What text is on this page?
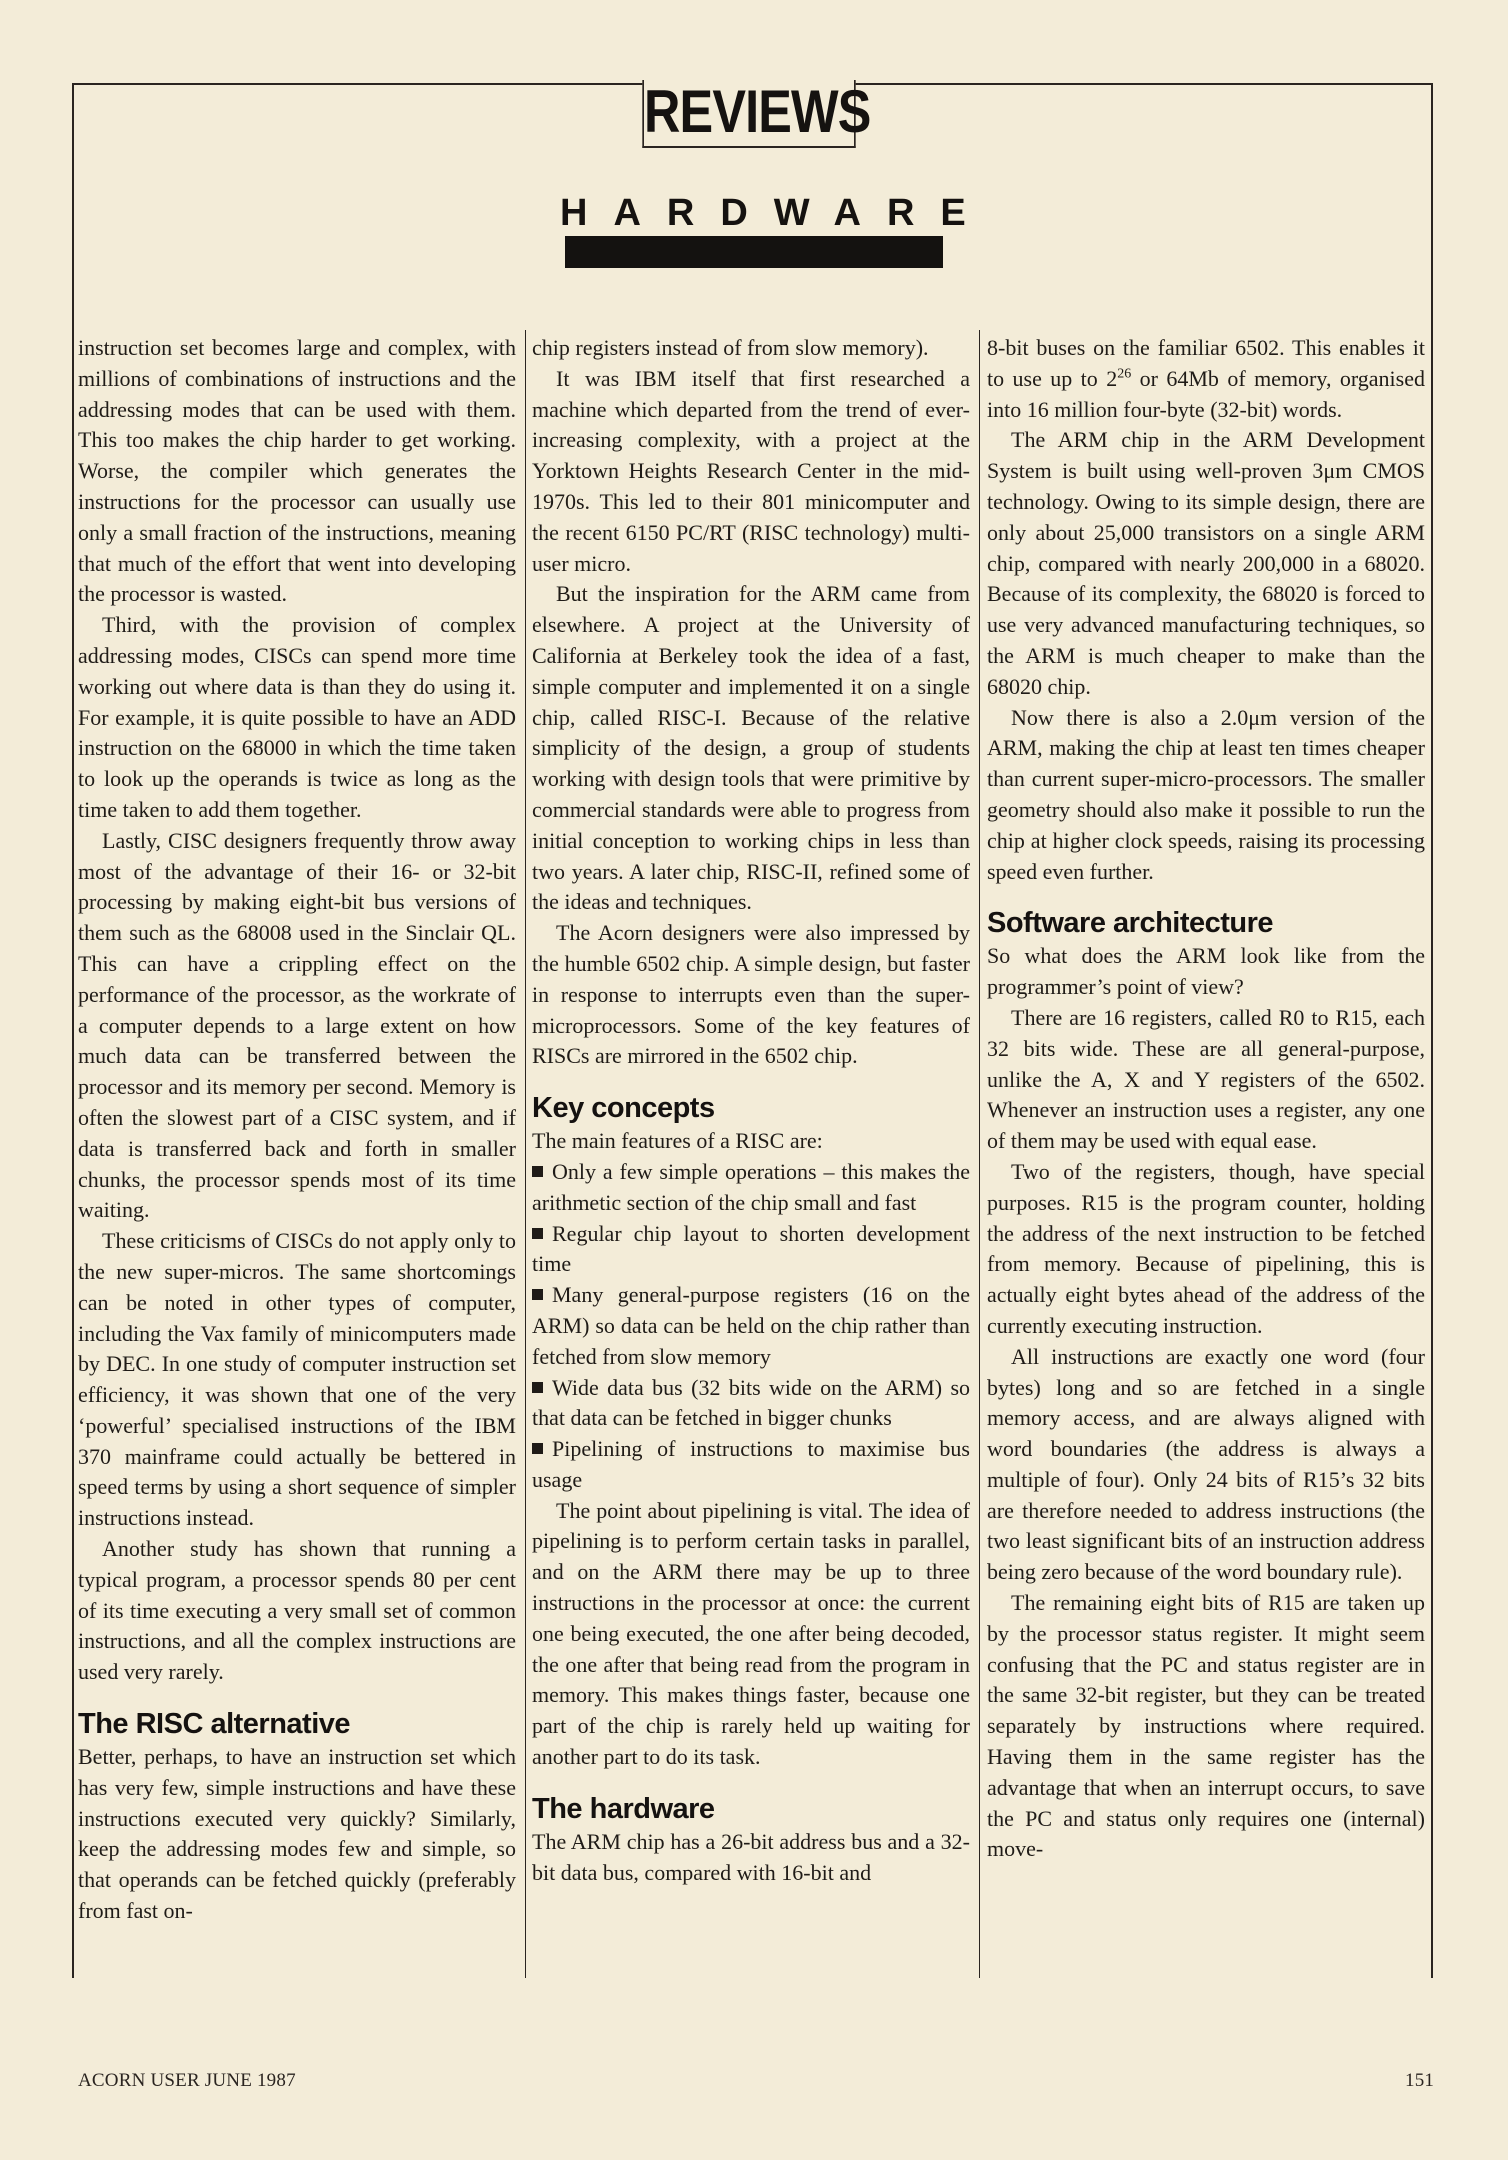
REVIEWS
HARDWARE

instruction set becomes large and complex, with millions of combinations of instructions and the addressing modes that can be used with them. This too makes the chip harder to get working. Worse, the compiler which generates the instructions for the processor can usually use only a small fraction of the instructions, meaning that much of the effort that went into developing the processor is wasted.

Third, with the provision of complex addressing modes, CISCs can spend more time working out where data is than they do using it. For example, it is quite possible to have an ADD instruction on the 68000 in which the time taken to look up the operands is twice as long as the time taken to add them together.

Lastly, CISC designers frequently throw away most of the advantage of their 16- or 32-bit processing by making eight-bit bus versions of them such as the 68008 used in the Sinclair QL. This can have a crippling effect on the performance of the processor, as the workrate of a computer depends to a large extent on how much data can be transferred between the processor and its memory per second. Memory is often the slowest part of a CISC system, and if data is transferred back and forth in smaller chunks, the processor spends most of its time waiting.

These criticisms of CISCs do not apply only to the new super-micros. The same shortcomings can be noted in other types of computer, including the Vax family of minicomputers made by DEC. In one study of computer instruction set efficiency, it was shown that one of the very ‘powerful’ specialised instructions of the IBM 370 mainframe could actually be bettered in speed terms by using a short sequence of simpler instructions instead.

Another study has shown that running a typical program, a processor spends 80 per cent of its time executing a very small set of common instructions, and all the complex instructions are used very rarely.

The RISC alternative

Better, perhaps, to have an instruction set which has very few, simple instructions and have these instructions executed very quickly? Similarly, keep the addressing modes few and simple, so that operands can be fetched quickly (preferably from fast on-

chip registers instead of from slow memory).

It was IBM itself that first researched a machine which departed from the trend of ever-increasing complexity, with a project at the Yorktown Heights Research Center in the mid-1970s. This led to their 801 minicomputer and the recent 6150 PC/RT (RISC technology) multi-user micro.

But the inspiration for the ARM came from elsewhere. A project at the University of California at Berkeley took the idea of a fast, simple computer and implemented it on a single chip, called RISC-I. Because of the relative simplicity of the design, a group of students working with design tools that were primitive by commercial standards were able to progress from initial conception to working chips in less than two years. A later chip, RISC-II, refined some of the ideas and techniques.

The Acorn designers were also impressed by the humble 6502 chip. A simple design, but faster in response to interrupts even than the super-microprocessors. Some of the key features of RISCs are mirrored in the 6502 chip.

Key concepts

The main features of a RISC are:

Only a few simple operations – this makes the arithmetic section of the chip small and fast

Regular chip layout to shorten development time

Many general-purpose registers (16 on the ARM) so data can be held on the chip rather than fetched from slow memory

Wide data bus (32 bits wide on the ARM) so that data can be fetched in bigger chunks

Pipelining of instructions to maximise bus usage

The point about pipelining is vital. The idea of pipelining is to perform certain tasks in parallel, and on the ARM there may be up to three instructions in the processor at once: the current one being executed, the one after being decoded, the one after that being read from the program in memory. This makes things faster, because one part of the chip is rarely held up waiting for another part to do its task.

The hardware

The ARM chip has a 26-bit address bus and a 32-bit data bus, compared with 16-bit and

8-bit buses on the familiar 6502. This enables it to use up to $2^{26}$ or 64Mb of memory, organised into 16 million four-byte (32-bit) words.

The ARM chip in the ARM Development System is built using well-proven 3μm CMOS technology. Owing to its simple design, there are only about 25,000 transistors on a single ARM chip, compared with nearly 200,000 in a 68020. Because of its complexity, the 68020 is forced to use very advanced manufacturing techniques, so the ARM is much cheaper to make than the 68020 chip.

Now there is also a 2.0μm version of the ARM, making the chip at least ten times cheaper than current super-micro-processors. The smaller geometry should also make it possible to run the chip at higher clock speeds, raising its processing speed even further.

Software architecture

So what does the ARM look like from the programmer’s point of view?

There are 16 registers, called R0 to R15, each 32 bits wide. These are all general-purpose, unlike the A, X and Y registers of the 6502. Whenever an instruction uses a register, any one of them may be used with equal ease.

Two of the registers, though, have special purposes. R15 is the program counter, holding the address of the next instruction to be fetched from memory. Because of pipelining, this is actually eight bytes ahead of the address of the currently executing instruction.

All instructions are exactly one word (four bytes) long and so are fetched in a single memory access, and are always aligned with word boundaries (the address is always a multiple of four). Only 24 bits of R15’s 32 bits are therefore needed to address instructions (the two least significant bits of an instruction address being zero because of the word boundary rule).

The remaining eight bits of R15 are taken up by the processor status register. It might seem confusing that the PC and status register are in the same 32-bit register, but they can be treated separately by instructions where required. Having them in the same register has the advantage that when an interrupt occurs, to save the PC and status only requires one (internal) move-

ACORN USER JUNE 1987	151
